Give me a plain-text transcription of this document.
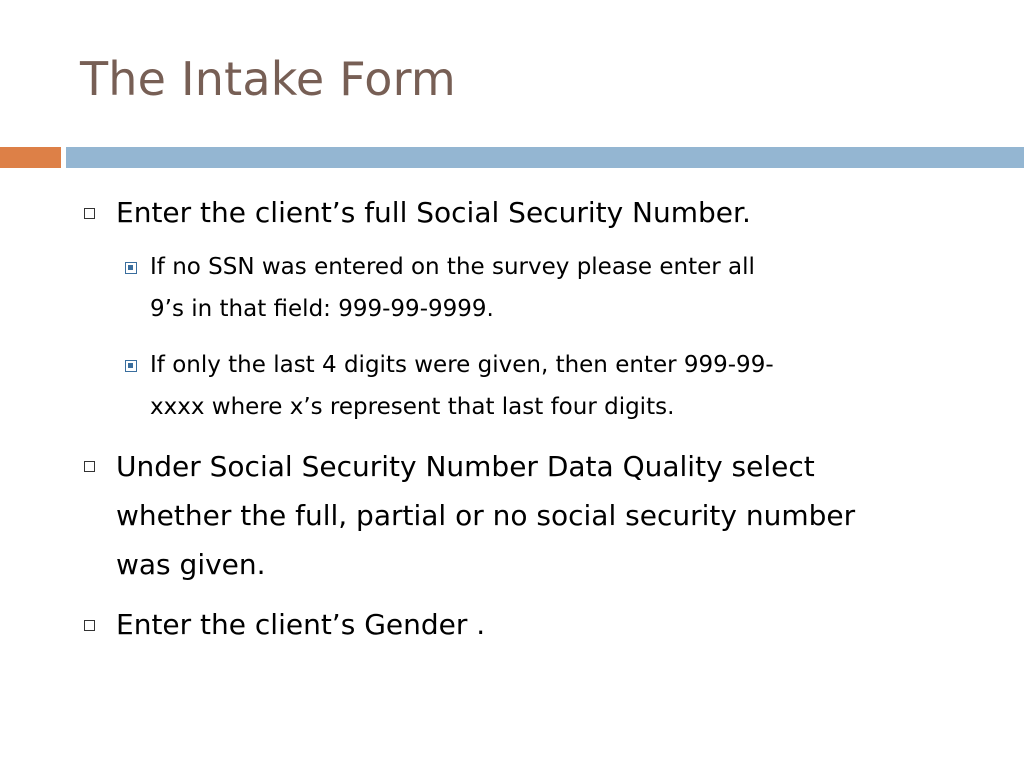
The Intake Form
Enter the client’s full Social Security Number.
If no SSN was entered on the survey please enter all
9’s in that field: 999-99-9999.
If only the last 4 digits were given, then enter 999-99-
xxxx where x’s represent that last four digits.
Under Social Security Number Data Quality select
whether the full, partial or no social security number
was given.
Enter the client’s Gender .
